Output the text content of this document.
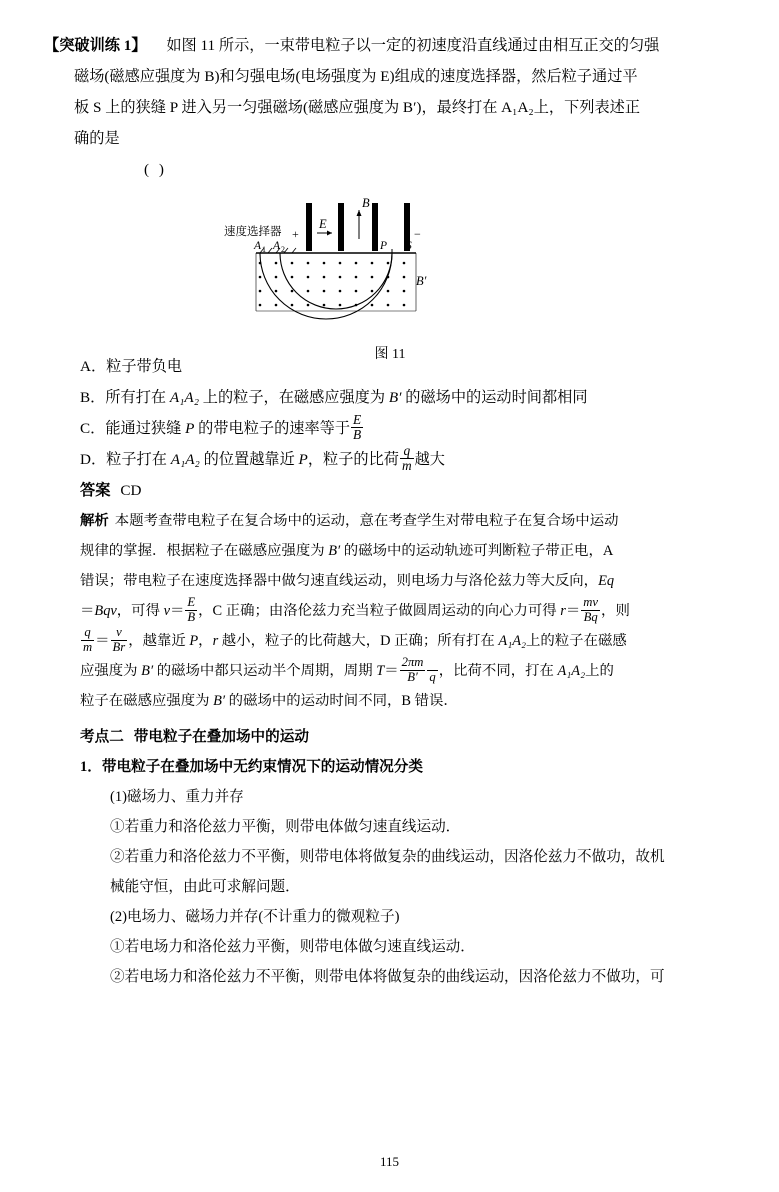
【突破训练 1】 如图 11 所示，一束带电粒子以一定的初速度沿直线通过由相互正交的匀强
磁场(磁感应强度为 B)和匀强电场(电场强度为 E)组成的速度选择器，然后粒子通过平
板 S 上的狭缝 P 进入另一匀强磁场(磁感应强度为 B′)，最终打在 A₁A₂上，下列表述正
确的是
( )
速度选择器 +
E
B
−
A 1 A 2	P S
B′
图 11
A．粒子带负电
B．所有打在 A₁A₂ 上的粒子，在磁感应强度为 B′ 的磁场中的运动时间都相同
C．能通过狭缝 P 的带电粒子的速率等于 $\frac{E}{B}$
D．粒子打在 A₁A₂ 的位置越靠近 P，粒子的比荷 $\frac{q}{m}$ 越大
答案 CD
解析 本题考查带电粒子在复合场中的运动，意在考查学生对带电粒子在复合场中运动
规律的掌握．根据粒子在磁感应强度为 B′ 的磁场中的运动轨迹可判断粒子带正电，A
错误；带电粒子在速度选择器中做匀速直线运动，则电场力与洛伦兹力等大反向，Eq
＝Bqv，可得 $v= \frac{E}{B}$ ，C 正确；由洛伦兹力充当粒子做圆周运动的向心力可得 $r= \frac{mv}{Bq}$ ，则
$\frac{q}{m} = \frac{v}{Br}$ ，越靠近 P，r 越小，粒子的比荷越大，D 正确；所有打在 A₁A₂上的粒子在磁感
应强度为 B′ 的磁场中都只运动半个周期，周期 $T= \frac{2\pi m}{B'}$ q ，比荷不同，打在 A₁A₂上的
粒子在磁感应强度为 B′ 的磁场中的运动时间不同，B 错误．
考点二 带电粒子在叠加场中的运动
1．带电粒子在叠加场中无约束情况下的运动情况分类
(1)磁场力、重力并存
①若重力和洛伦兹力平衡，则带电体做匀速直线运动．
②若重力和洛伦兹力不平衡，则带电体将做复杂的曲线运动，因洛伦兹力不做功，故机
械能守恒，由此可求解问题．
(2)电场力、磁场力并存(不计重力的微观粒子)
①若电场力和洛伦兹力平衡，则带电体做匀速直线运动．
②若电场力和洛伦兹力不平衡，则带电体将做复杂的曲线运动，因洛伦兹力不做功，可
115
